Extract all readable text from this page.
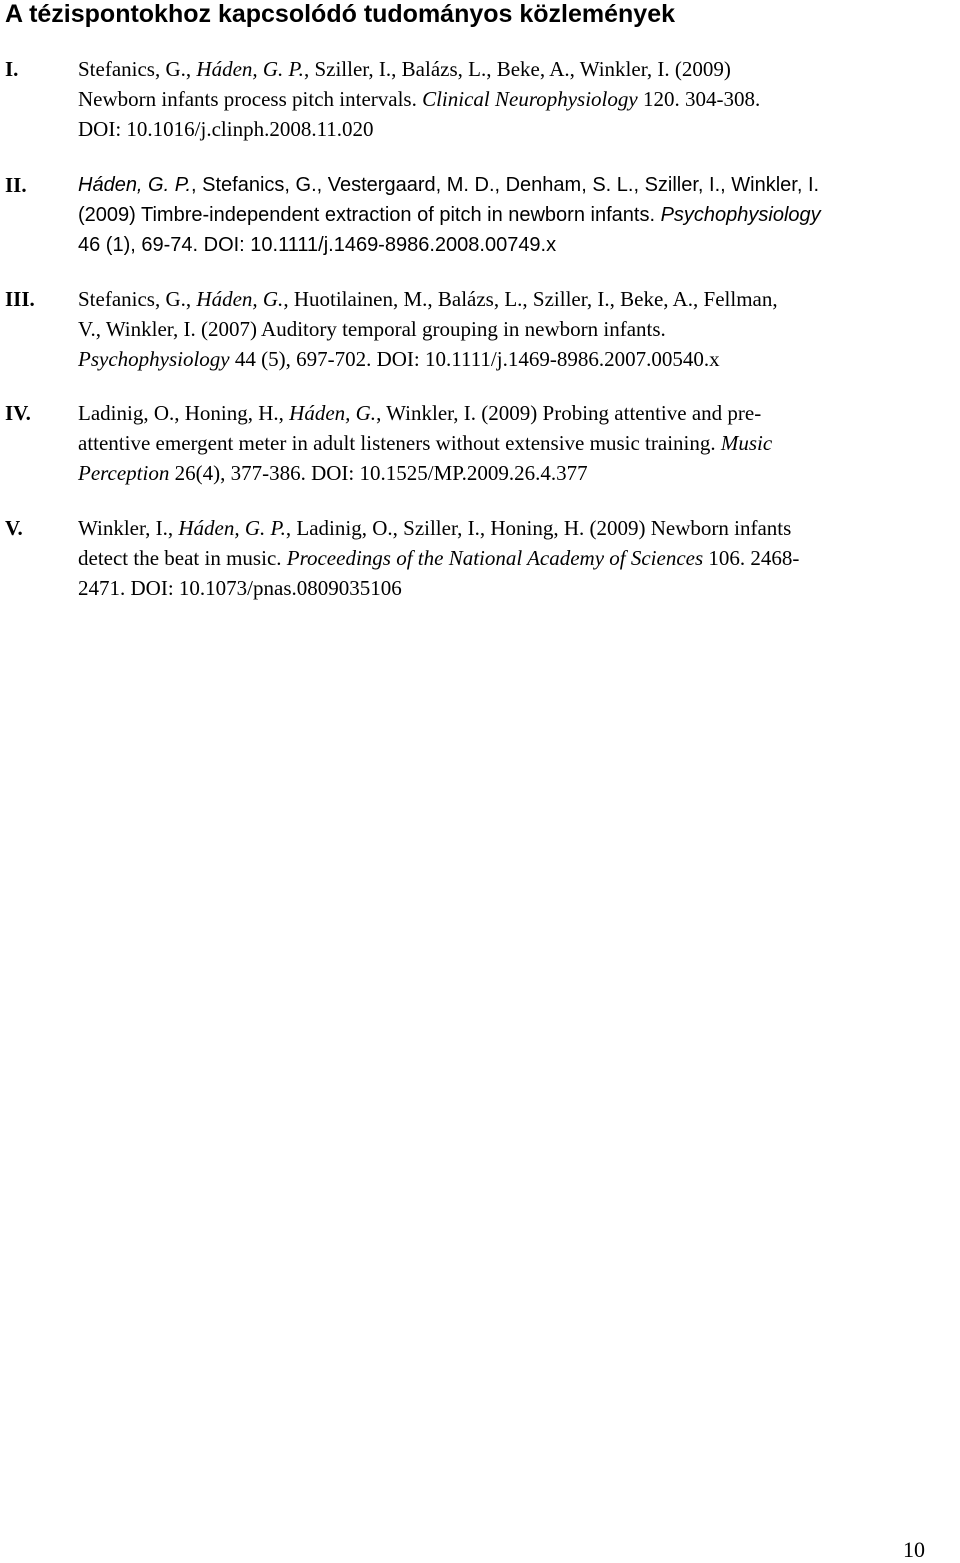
A tézispontokhoz kapcsolódó tudományos közlemények
I.	Stefanics, G., Háden, G. P., Sziller, I., Balázs, L., Beke, A., Winkler, I. (2009)
Newborn infants process pitch intervals. Clinical Neurophysiology 120. 304-308.
DOI: 10.1016/j.clinph.2008.11.020
II.	Háden, G. P., Stefanics, G., Vestergaard, M. D., Denham, S. L., Sziller, I., Winkler, I.
(2009) Timbre-independent extraction of pitch in newborn infants. Psychophysiology
46 (1), 69-74. DOI: 10.1111/j.1469-8986.2008.00749.x
III. Stefanics, G., Háden, G., Huotilainen, M., Balázs, L., Sziller, I., Beke, A., Fellman,
V., Winkler, I. (2007) Auditory temporal grouping in newborn infants.
Psychophysiology 44 (5), 697-702. DOI: 10.1111/j.1469-8986.2007.00540.x
IV. Ladinig, O., Honing, H., Háden, G., Winkler, I. (2009) Probing attentive and pre-
attentive emergent meter in adult listeners without extensive music training. Music
Perception 26(4), 377-386. DOI: 10.1525/MP.2009.26.4.377
V.	Winkler, I., Háden, G. P., Ladinig, O., Sziller, I., Honing, H. (2009) Newborn infants
detect the beat in music. Proceedings of the National Academy of Sciences 106. 2468-
2471. DOI: 10.1073/pnas.0809035106
10
